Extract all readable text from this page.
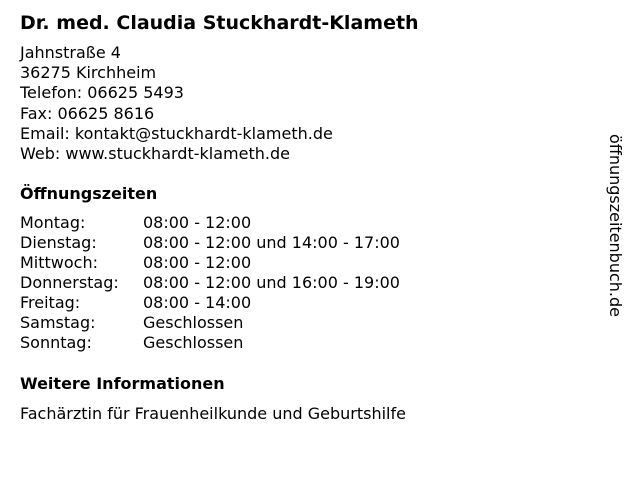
Dr. med. Claudia Stuckhardt-Klameth
Jahnstraße 4
36275 Kirchheim
Telefon: 06625 5493
Fax: 06625 8616
Email: kontakt@stuckhardt-klameth.de
Web: www.stuckhardt-klameth.de
Öffnungszeiten
Montag:	08:00 - 12:00
Dienstag:	08:00 - 12:00 und 14:00 - 17:00
Mittwoch:	08:00 - 12:00
Donnerstag: 08:00 - 12:00 und 16:00 - 19:00
Freitag:	08:00 - 14:00
Samstag:	Geschlossen
Sonntag:	Geschlossen
Weitere Informationen
Fachärztin für Frauenheilkunde und Geburtshilfe
öffnungszeitenbuch.de
